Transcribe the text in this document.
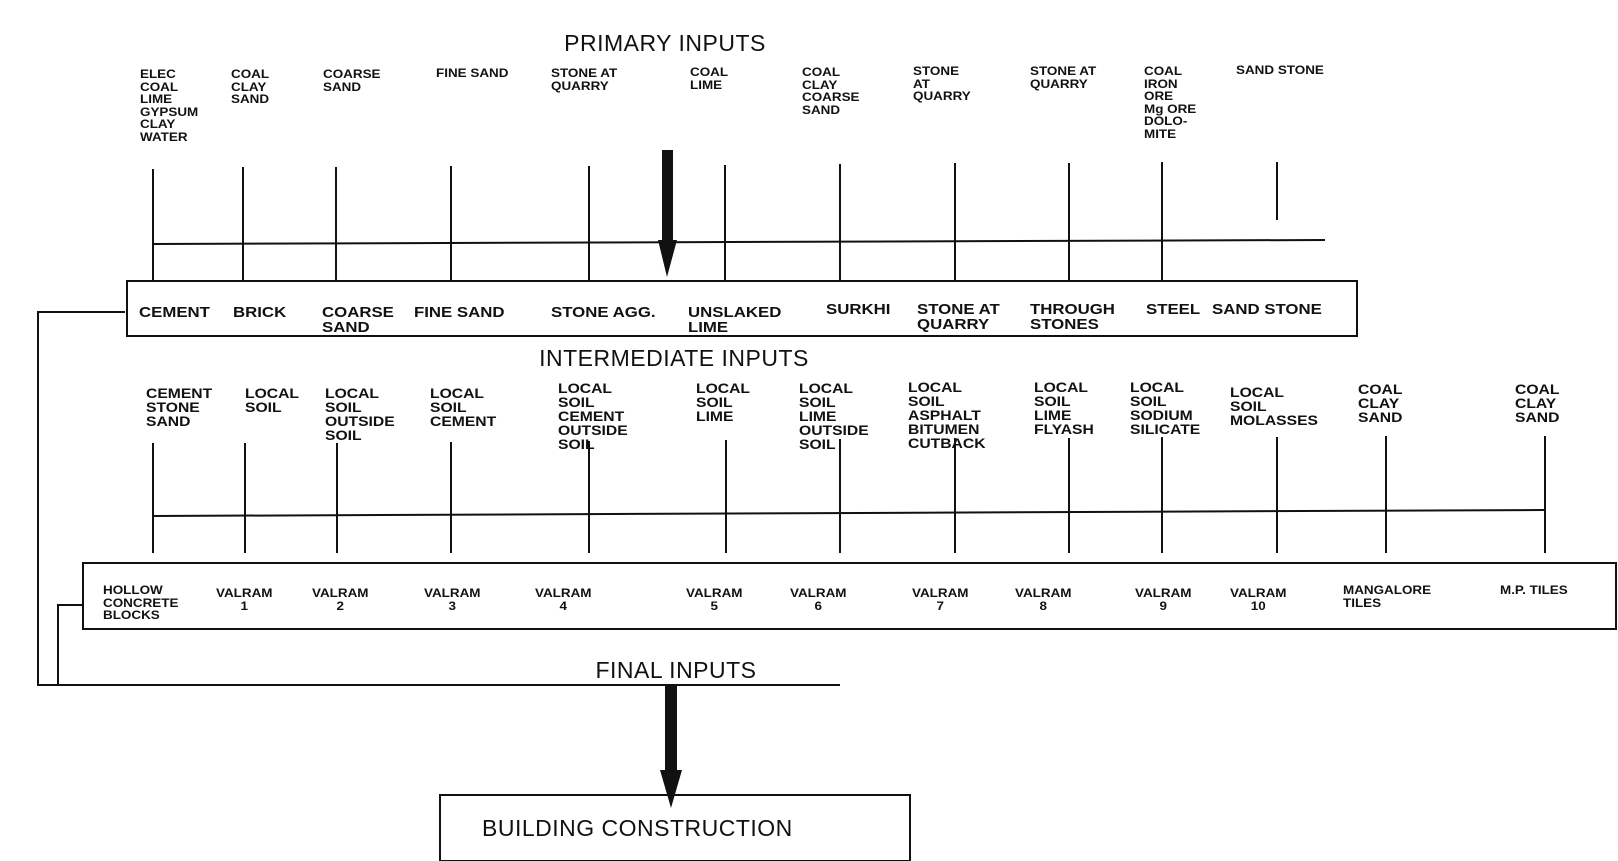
PRIMARY INPUTS
INTERMEDIATE INPUTS
FINAL INPUTS
ELEC
COAL
LIME
GYPSUM
CLAY
WATER
COAL
CLAY
SAND
COARSE
SAND
FINE SAND	STONE AT
QUARRY
COAL
LIME
COAL
CLAY
COARSE
SAND
STONE
AT
QUARRY
STONE AT
QUARRY
COAL
IRON
ORE
Mg ORE
DOLO-
MITE
SAND STONE
CEMENT BRICK COARSE
SAND
FINE SAND	STONE AGG. UNSLAKED
LIME
SURKHI STONE AT
QUARRY
THROUGH
STONES
STEEL SAND STONE
CEMENT
STONE
SAND
LOCAL
SOIL
LOCAL
SOIL
OUTSIDE
SOIL
LOCAL
SOIL
CEMENT
LOCAL
SOIL
CEMENT
OUTSIDE
SOIL
LOCAL
SOIL
LIME
LOCAL
SOIL
LIME
OUTSIDE
SOIL
LOCAL
SOIL
ASPHALT
BITUMEN
CUTBACK
LOCAL
SOIL
LIME
FLYASH
LOCAL
SOIL
SODIUM
SILICATE
LOCAL
SOIL
MOLASSES
COAL
CLAY
SAND
COAL
CLAY
SAND
HOLLOW
CONCRETE
BLOCKS
VALRAM
1
VALRAM
2
VALRAM
3
VALRAM
4
VALRAM
5
VALRAM
6
VALRAM
7
VALRAM
8
VALRAM
9
VALRAM
10
MANGALORE
TILES
M.P. TILES
BUILDING CONSTRUCTION
